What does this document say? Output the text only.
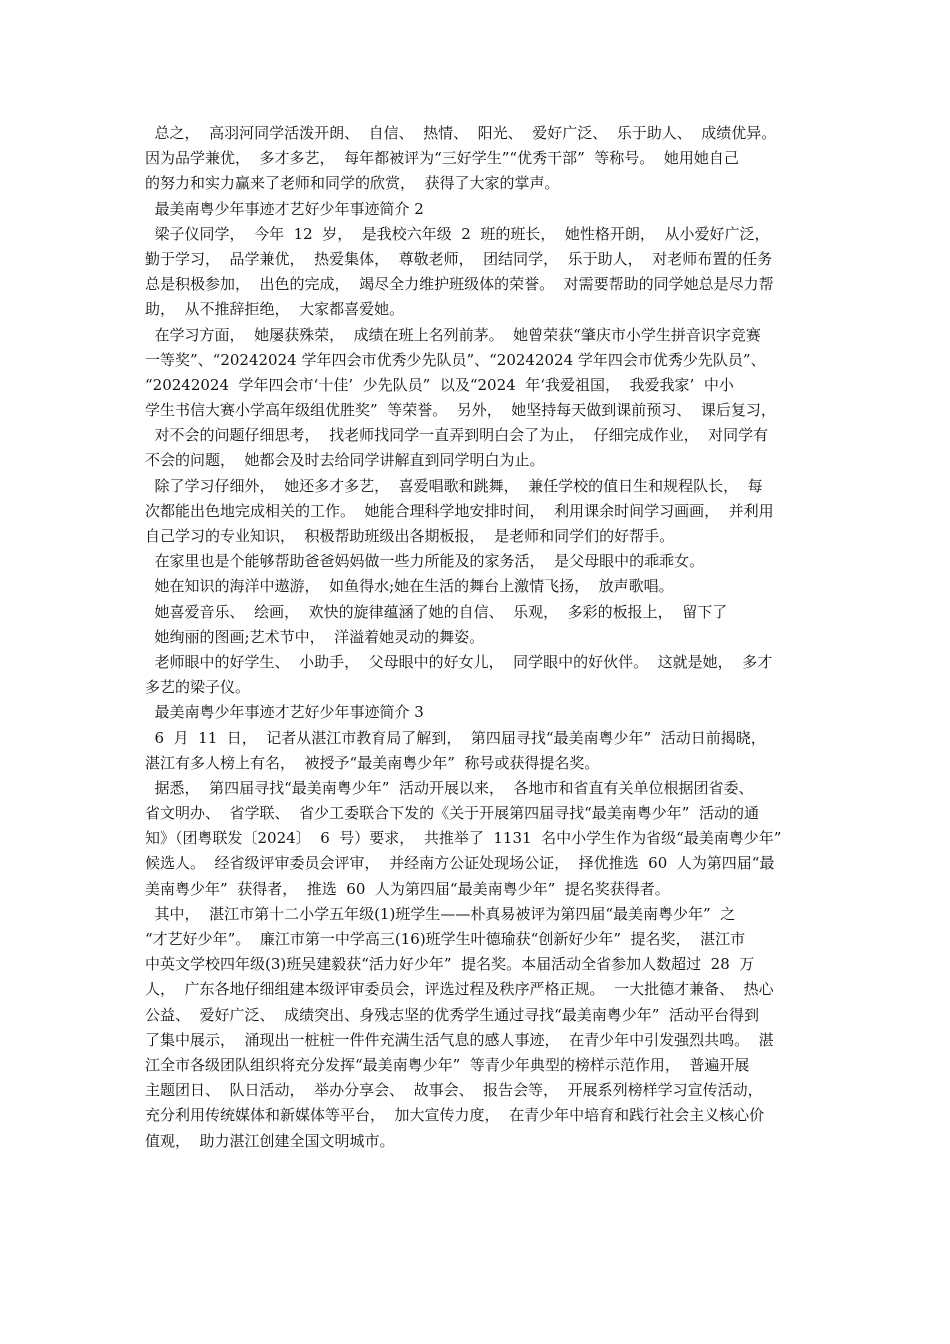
总之，  高羽河同学活泼开朗、  自信、  热情、  阳光、  爱好广泛、  乐于助人、  成绩优异。
因为品学兼优，  多才多艺，  每年都被评为“三好学生”“优秀干部”  等称号。  她用她自己
的努力和实力赢来了老师和同学的欣赏，  获得了大家的掌声。
最美南粤少年事迹才艺好少年事迹简介 2
梁子仪同学，  今年  12  岁，  是我校六年级  2  班的班长，  她性格开朗，  从小爱好广泛，
勤于学习，  品学兼优，  热爱集体，  尊敬老师，  团结同学，  乐于助人，  对老师布置的任务
总是积极参加，  出色的完成，  竭尽全力维护班级体的荣誉。  对需要帮助的同学她总是尽力帮
助，  从不推辞拒绝，  大家都喜爱她。
在学习方面，  她屡获殊荣，  成绩在班上名列前茅。  她曾荣获“肇庆市小学生拼音识字竞赛
一等奖”、“20242024 学年四会市优秀少先队员”、“20242024 学年四会市优秀少先队员”、
“20242024  学年四会市‘十佳’  少先队员”  以及“2024  年‘我爱祖国，  我爱我家’  中小
学生书信大赛小学高年级组优胜奖”  等荣誉。  另外，  她坚持每天做到课前预习、  课后复习，
对不会的问题仔细思考，  找老师找同学一直弄到明白会了为止，  仔细完成作业，  对同学有
不会的问题，  她都会及时去给同学讲解直到同学明白为止。
除了学习仔细外，  她还多才多艺，  喜爱唱歌和跳舞，  兼任学校的值日生和规程队长，  每
次都能出色地完成相关的工作。  她能合理科学地安排时间，  利用课余时间学习画画，  并利用
自己学习的专业知识，  积极帮助班级出各期板报，  是老师和同学们的好帮手。
在家里也是个能够帮助爸爸妈妈做一些力所能及的家务活，  是父母眼中的乖乖女。
她在知识的海洋中遨游，  如鱼得水;她在生活的舞台上激情飞扬，  放声歌唱。
她喜爱音乐、  绘画，  欢快的旋律蕴涵了她的自信、  乐观，  多彩的板报上，  留下了
她绚丽的图画;艺术节中，  洋溢着她灵动的舞姿。
老师眼中的好学生、  小助手，  父母眼中的好女儿，  同学眼中的好伙伴。  这就是她，  多才
多艺的梁子仪。
最美南粤少年事迹才艺好少年事迹简介 3
6  月  11  日，  记者从湛江市教育局了解到，  第四届寻找“最美南粤少年”  活动日前揭晓，
湛江有多人榜上有名，  被授予“最美南粤少年”  称号或获得提名奖。
据悉，  第四届寻找“最美南粤少年”  活动开展以来，  各地市和省直有关单位根据团省委、
省文明办、  省学联、  省少工委联合下发的《关于开展第四届寻找“最美南粤少年”  活动的通
知》（团粤联发〔2024〕  6  号）要求，  共推举了  1131  名中小学生作为省级“最美南粤少年”
候选人。  经省级评审委员会评审，  并经南方公证处现场公证，  择优推选  60  人为第四届“最
美南粤少年”  获得者，  推选  60  人为第四届“最美南粤少年”  提名奖获得者。
其中，  湛江市第十二小学五年级(1)班学生——朴真易被评为第四届“最美南粤少年”  之
“才艺好少年”。  廉江市第一中学高三(16)班学生叶德瑜获“创新好少年”  提名奖，  湛江市
中英文学校四年级(3)班吴建毅获“活力好少年”  提名奖。本届活动全省参加人数超过  28  万
人，  广东各地仔细组建本级评审委员会，评选过程及秩序严格正规。  一大批德才兼备、  热心
公益、  爱好广泛、  成绩突出、身残志坚的优秀学生通过寻找“最美南粤少年”  活动平台得到
了集中展示，  涌现出一桩桩一件件充满生活气息的感人事迹，  在青少年中引发强烈共鸣。  湛
江全市各级团队组织将充分发挥“最美南粤少年”  等青少年典型的榜样示范作用，  普遍开展
主题团日、  队日活动，  举办分享会、  故事会、  报告会等，  开展系列榜样学习宣传活动，
充分利用传统媒体和新媒体等平台，  加大宣传力度，  在青少年中培育和践行社会主义核心价
值观，  助力湛江创建全国文明城市。
